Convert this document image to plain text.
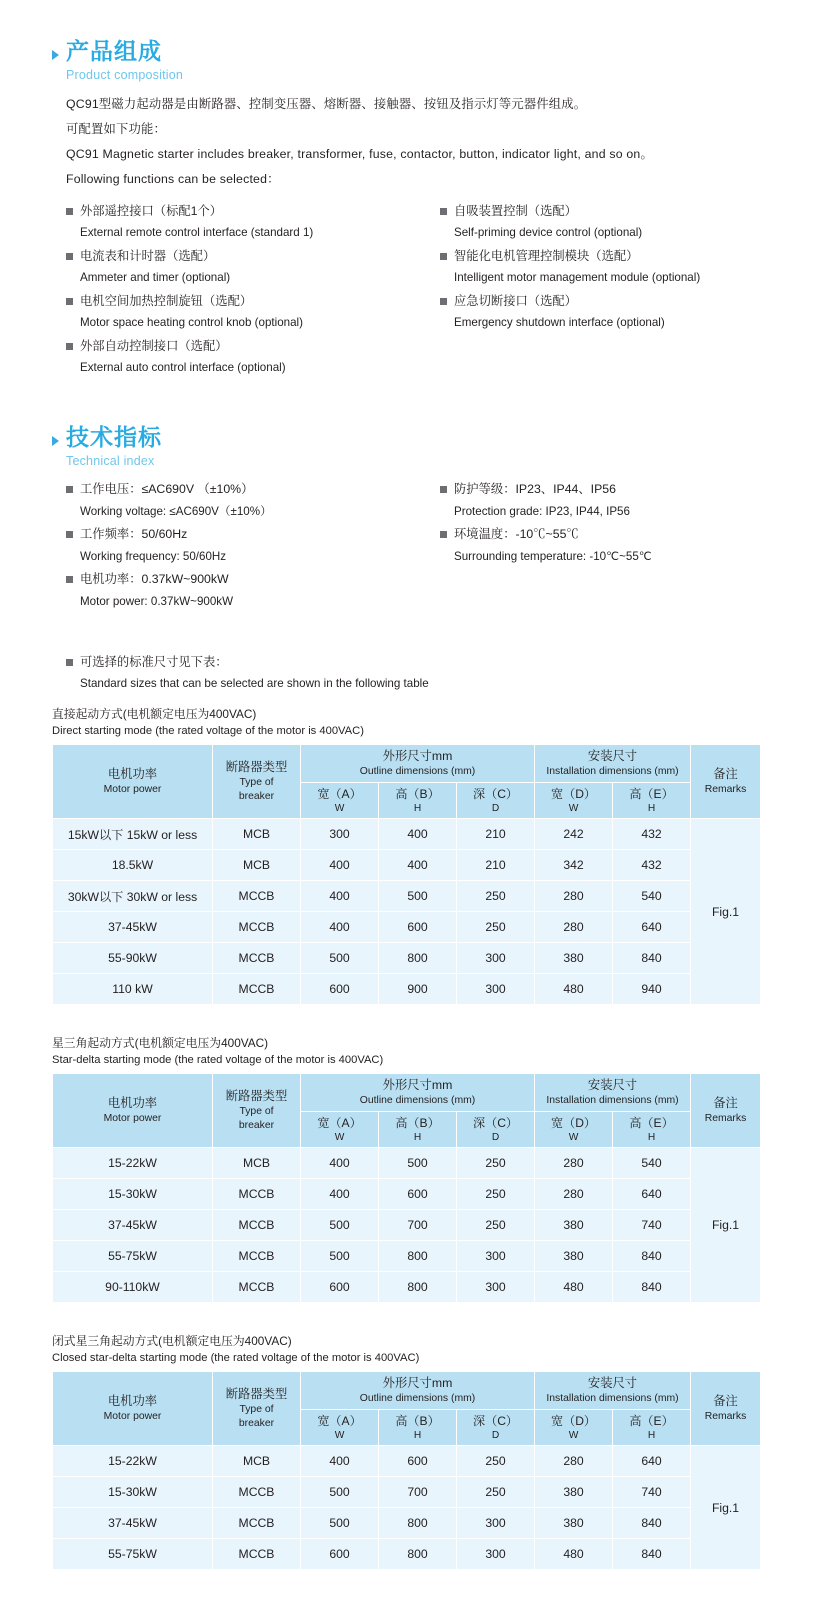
产品组成
Product composition
QC91型磁力起动器是由断路器、控制变压器、熔断器、接触器、按钮及指示灯等元器件组成。
可配置如下功能：
QC91 Magnetic starter includes breaker, transformer, fuse, contactor, button, indicator light, and so on。
Following functions can be selected：
外部遥控接口（标配1个）
External remote control interface (standard 1)
电流表和计时器（选配）
Ammeter and timer (optional)
电机空间加热控制旋钮（选配）
Motor space heating control knob (optional)
外部自动控制接口（选配）
External auto control interface (optional)
自吸装置控制（选配）
Self-priming device control (optional)
智能化电机管理控制模块（选配）
Intelligent motor management module (optional)
应急切断接口（选配）
Emergency shutdown interface (optional)
技术指标
Technical index
工作电压：≤AC690V （±10%）
Working voltage: ≤AC690V（±10%）
工作频率：50/60Hz
Working frequency: 50/60Hz
电机功率：0.37kW~900kW
Motor power: 0.37kW~900kW
防护等级：IP23、IP44、IP56
Protection grade: IP23, IP44, IP56
环境温度：-10℃~55℃
Surrounding temperature: -10℃~55℃
可选择的标准尺寸见下表：
Standard sizes that can be selected are shown in the following table
直接起动方式(电机额定电压为400VAC)
Direct starting mode (the rated voltage of the motor is 400VAC)
电机功率
Motor power	断路器类型
Type of
breaker	外形尺寸mm
Outline dimensions (mm)			安装尺寸
Installation dimensions (mm)		备注
Remarks

		宽（A）
W	高（B）
H	深（C）
D	宽（D）
W	高（E）
H	

15kW以下 15kW or less	MCB	300	400	210	242	432	Fig.1
18.5kW	MCB	400	400	210	342	432	
30kW以下 30kW or less	MCCB	400	500	250	280	540	
37-45kW	MCCB	400	600	250	280	640	
55-90kW	MCCB	500	800	300	380	840	
110 kW	MCCB	600	900	300	480	940	
星三角起动方式(电机额定电压为400VAC)
Star-delta starting mode (the rated voltage of the motor is 400VAC)
电机功率
Motor power	断路器类型
Type of
breaker	外形尺寸mm
Outline dimensions (mm)			安装尺寸
Installation dimensions (mm)		备注
Remarks

		宽（A）
W	高（B）
H	深（C）
D	宽（D）
W	高（E）
H	

15-22kW	MCB	400	500	250	280	540	Fig.1
15-30kW	MCCB	400	600	250	280	640	
37-45kW	MCCB	500	700	250	380	740	
55-75kW	MCCB	500	800	300	380	840	
90-110kW	MCCB	600	800	300	480	840	
闭式星三角起动方式(电机额定电压为400VAC)
Closed star-delta starting mode (the rated voltage of the motor is 400VAC)
电机功率
Motor power	断路器类型
Type of
breaker	外形尺寸mm
Outline dimensions (mm)			安装尺寸
Installation dimensions (mm)		备注
Remarks

		宽（A）
W	高（B）
H	深（C）
D	宽（D）
W	高（E）
H	

15-22kW	MCB	400	600	250	280	640	Fig.1
15-30kW	MCCB	500	700	250	380	740	
37-45kW	MCCB	500	800	300	380	840	
55-75kW	MCCB	600	800	300	480	840	
